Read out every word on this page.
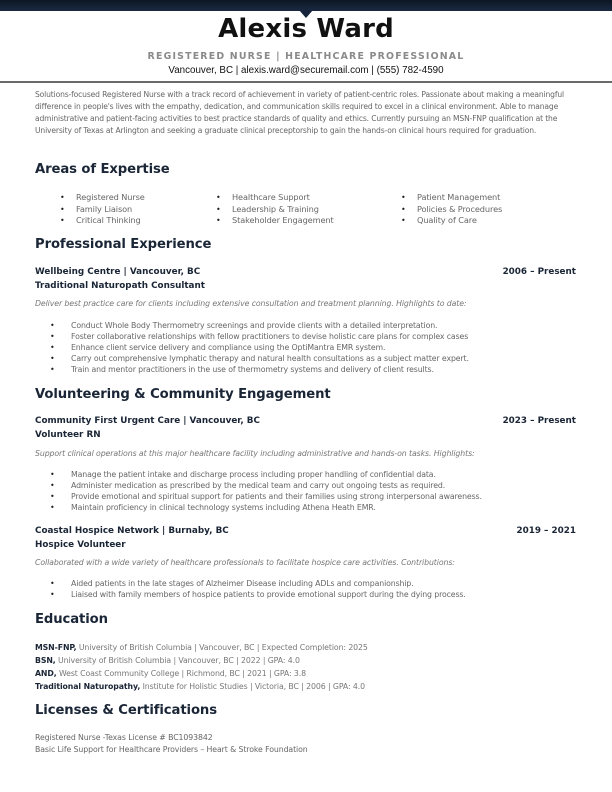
Alexis Ward
REGISTERED NURSE | HEALTHCARE PROFESSIONAL
Vancouver, BC | alexis.ward@securemail.com | (555) 782-4590
Solutions-focused Registered Nurse with a track record of achievement in variety of patient-centric roles. Passionate about making a meaningful difference in people's lives with the empathy, dedication, and communication skills required to excel in a clinical environment. Able to manage administrative and patient-facing activities to best practice standards of quality and ethics. Currently pursuing an MSN-FNP qualification at the University of Texas at Arlington and seeking a graduate clinical preceptorship to gain the hands-on clinical hours required for graduation.
Areas of Expertise
• Registered Nurse
• Family Liaison
• Critical Thinking
• Healthcare Support
• Leadership & Training
• Stakeholder Engagement
• Patient Management
• Policies & Procedures
• Quality of Care
Professional Experience
Wellbeing Centre | Vancouver, BC	2006 – Present
Traditional Naturopath Consultant
Deliver best practice care for clients including extensive consultation and treatment planning. Highlights to date:
• Conduct Whole Body Thermometry screenings and provide clients with a detailed interpretation.
• Foster collaborative relationships with fellow practitioners to devise holistic care plans for complex cases
• Enhance client service delivery and compliance using the OptiMantra EMR system.
• Carry out comprehensive lymphatic therapy and natural health consultations as a subject matter expert.
• Train and mentor practitioners in the use of thermometry systems and delivery of client results.
Volunteering & Community Engagement
Community First Urgent Care | Vancouver, BC	2023 – Present
Volunteer RN
Support clinical operations at this major healthcare facility including administrative and hands-on tasks. Highlights:
• Manage the patient intake and discharge process including proper handling of confidential data.
• Administer medication as prescribed by the medical team and carry out ongoing tests as required.
• Provide emotional and spiritual support for patients and their families using strong interpersonal awareness.
• Maintain proficiency in clinical technology systems including Athena Heath EMR.
Coastal Hospice Network | Burnaby, BC	2019 – 2021
Hospice Volunteer
Collaborated with a wide variety of healthcare professionals to facilitate hospice care activities. Contributions:
• Aided patients in the late stages of Alzheimer Disease including ADLs and companionship.
• Liaised with family members of hospice patients to provide emotional support during the dying process.
Education
MSN-FNP, University of British Columbia | Vancouver, BC | Expected Completion: 2025
BSN, University of British Columbia | Vancouver, BC | 2022 | GPA: 4.0
AND, West Coast Community College | Richmond, BC | 2021 | GPA: 3.8
Traditional Naturopathy, Institute for Holistic Studies | Victoria, BC | 2006 | GPA: 4.0
Licenses & Certifications
Registered Nurse -Texas License # BC1093842
Basic Life Support for Healthcare Providers – Heart & Stroke Foundation
